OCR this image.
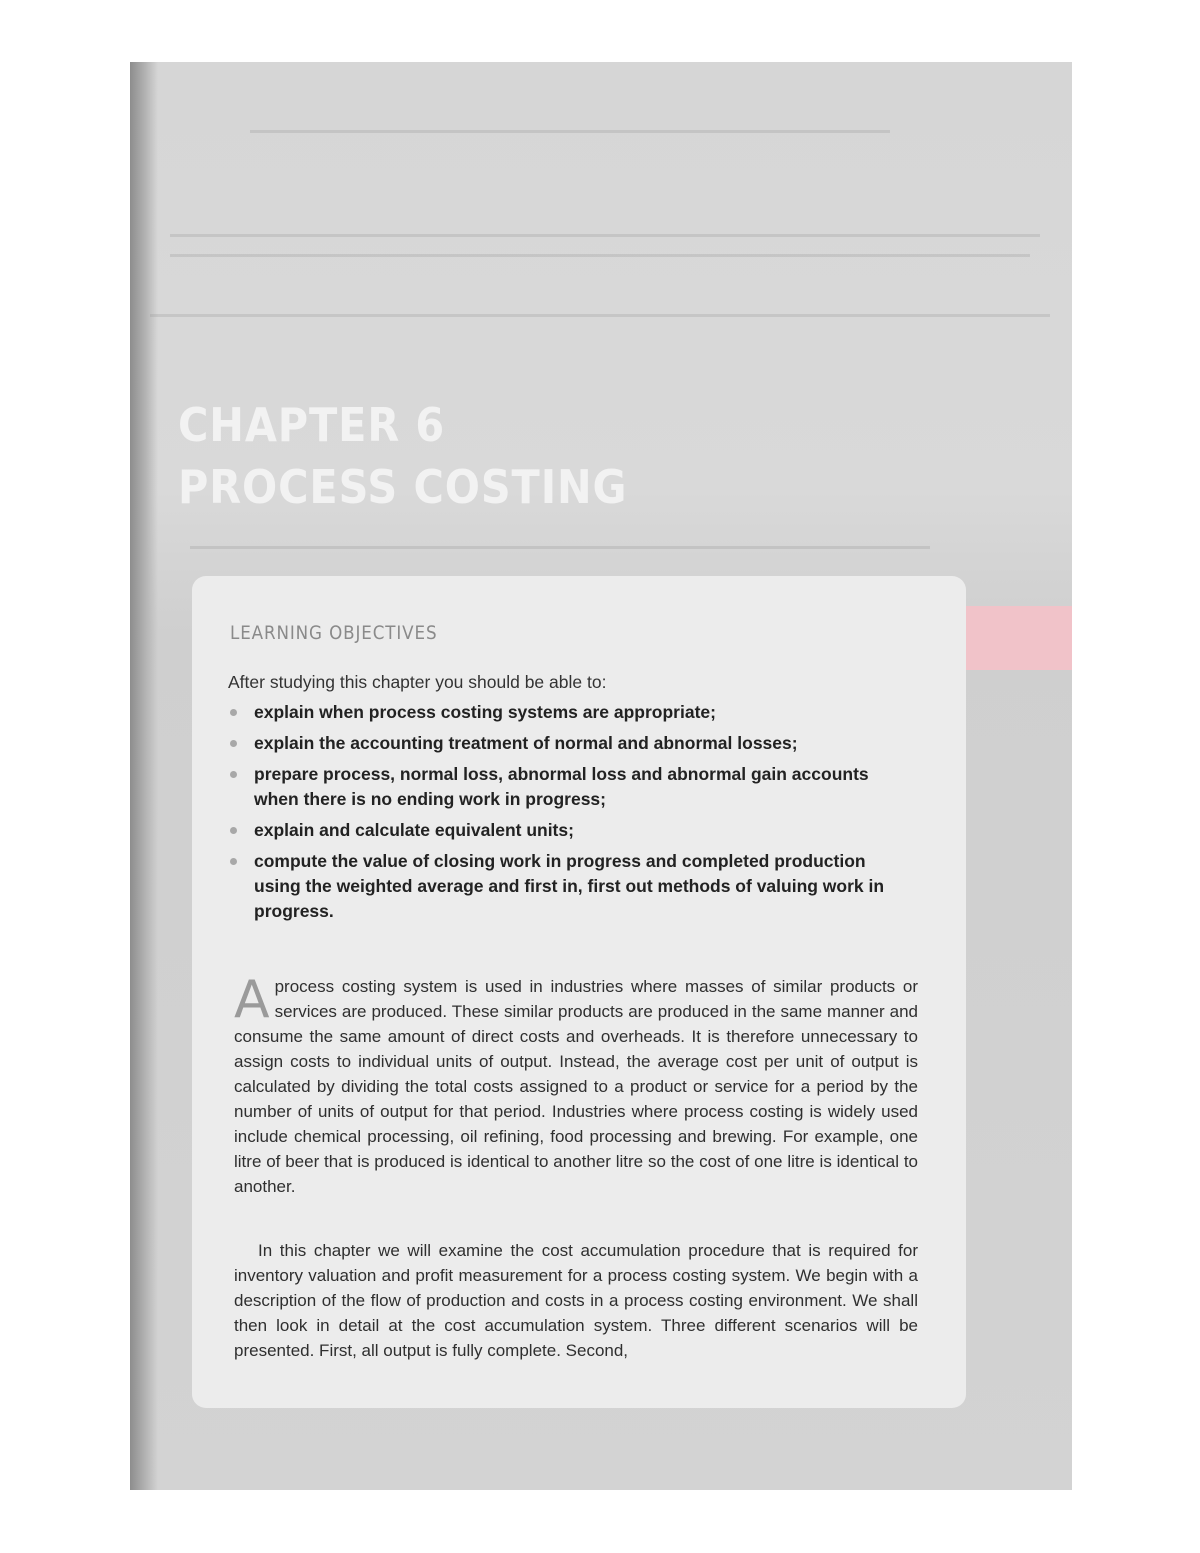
CHAPTER 6
PROCESS COSTING
LEARNING OBJECTIVES

After studying this chapter you should be able to:

explain when process costing systems are appropriate;
explain the accounting treatment of normal and abnormal losses;
prepare process, normal loss, abnormal loss and abnormal gain accounts when there is no ending work in progress;
explain and calculate equivalent units;
compute the value of closing work in progress and completed production using the weighted average and first in, first out methods of valuing work in progress.

A process costing system is used in industries where masses of similar products or services are produced. These similar products are produced in the same manner and consume the same amount of direct costs and overheads. It is therefore unnecessary to assign costs to individual units of output. Instead, the average cost per unit of output is calculated by dividing the total costs assigned to a product or service for a period by the number of units of output for that period. Industries where process costing is widely used include chemical processing, oil refining, food processing and brewing. For example, one litre of beer that is produced is identical to another litre so the cost of one litre is identical to another.

In this chapter we will examine the cost accumulation procedure that is required for inventory valuation and profit measurement for a process costing system. We begin with a description of the flow of production and costs in a process costing environment. We shall then look in detail at the cost accumulation system. Three different scenarios will be presented. First, all output is fully complete. Second,
